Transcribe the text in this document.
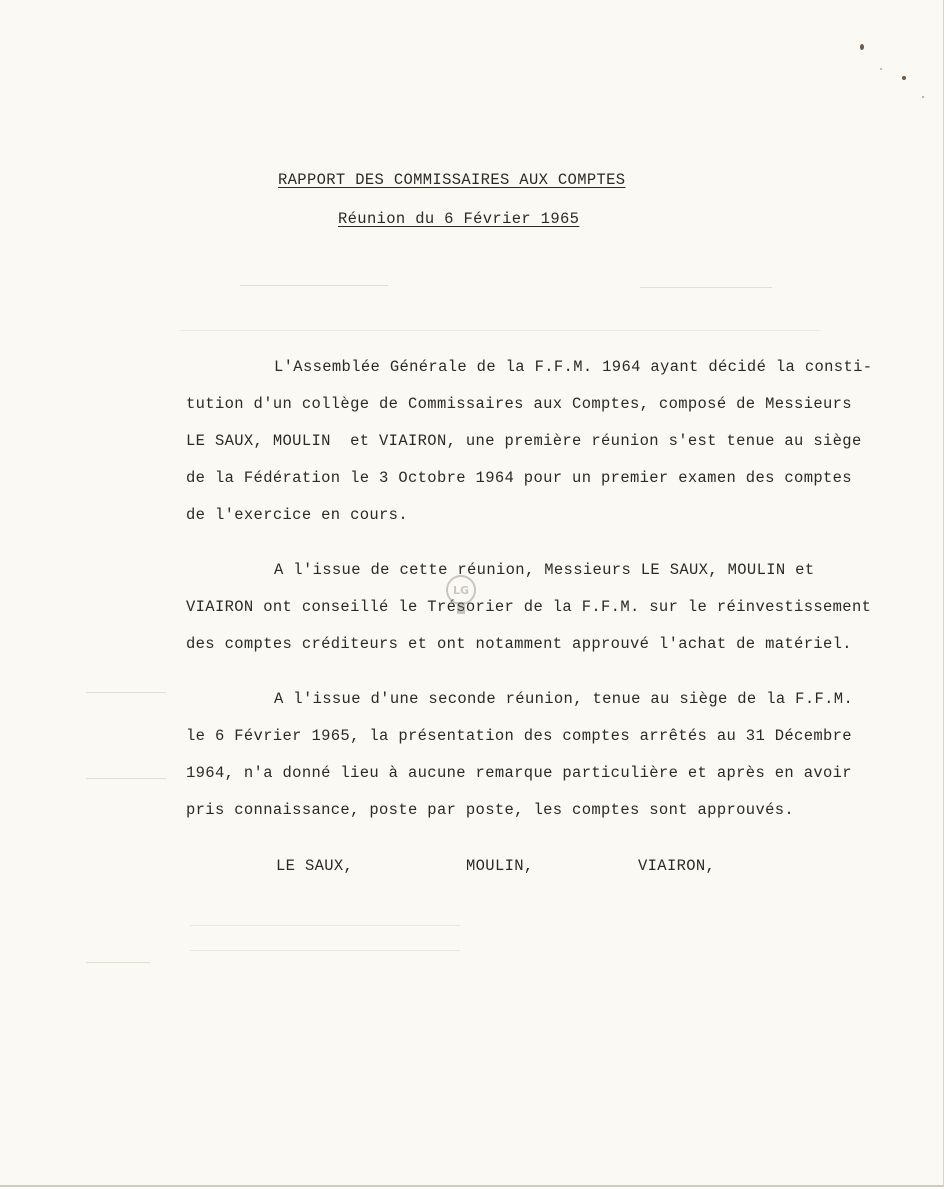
RAPPORT DES COMMISSAIRES AUX COMPTES
Réunion du 6 Février 1965
L'Assemblée Générale de la F.F.M. 1964 ayant décidé la consti-
tution d'un collège de Commissaires aux Comptes, composé de Messieurs
LE SAUX, MOULIN  et VIAIRON, une première réunion s'est tenue au siège
de la Fédération le 3 Octobre 1964 pour un premier examen des comptes
de l'exercice en cours.
A l'issue de cette réunion, Messieurs LE SAUX, MOULIN et
VIAIRON ont conseillé le Trésorier de la F.F.M. sur le réinvestissement
des comptes créditeurs et ont notamment approuvé l'achat de matériel.
LG
A l'issue d'une seconde réunion, tenue au siège de la F.F.M.
le 6 Février 1965, la présentation des comptes arrêtés au 31 Décembre
1964, n'a donné lieu à aucune remarque particulière et après en avoir
pris connaissance, poste par poste, les comptes sont approuvés.
LE SAUX,	MOULIN,	VIAIRON,
